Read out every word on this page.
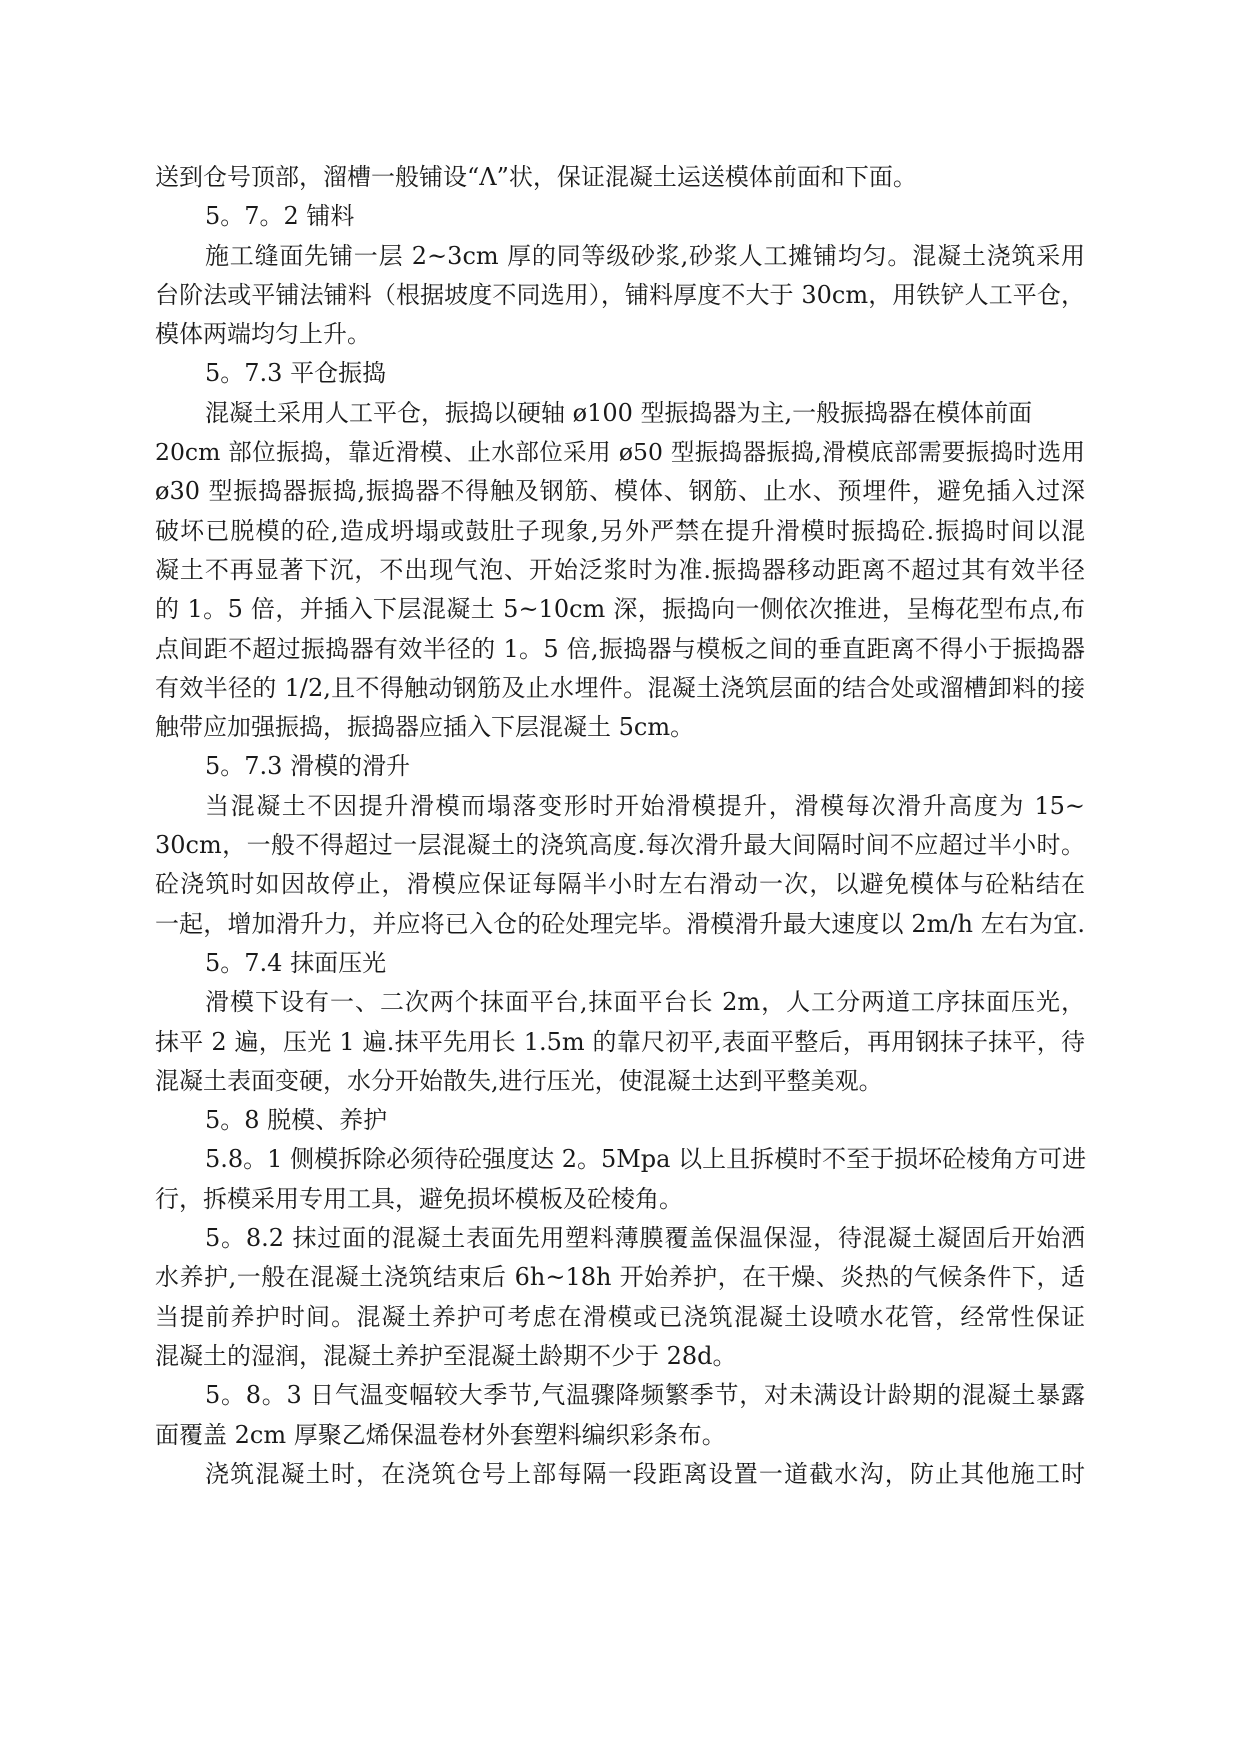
送到仓号顶部，溜槽一般铺设“Λ”状，保证混凝土运送模体前面和下面。
5。7。2 铺料
施工缝面先铺一层 2~3cm 厚的同等级砂浆,砂浆人工摊铺均匀。混凝土浇筑采用
台阶法或平铺法铺料（根据坡度不同选用），铺料厚度不大于 30cm，用铁铲人工平仓，
模体两端均匀上升。
5。7.3 平仓振捣
混凝土采用人工平仓，振捣以硬轴 ø100 型振捣器为主,一般振捣器在模体前面
20cm 部位振捣，靠近滑模、止水部位采用 ø50 型振捣器振捣,滑模底部需要振捣时选用
ø30 型振捣器振捣,振捣器不得触及钢筋、模体、钢筋、止水、预埋件，避免插入过深
破坏已脱模的砼,造成坍塌或鼓肚子现象,另外严禁在提升滑模时振捣砼.振捣时间以混
凝土不再显著下沉，不出现气泡、开始泛浆时为准.振捣器移动距离不超过其有效半径
的 1。5 倍，并插入下层混凝土 5~10cm 深，振捣向一侧依次推进，呈梅花型布点,布
点间距不超过振捣器有效半径的 1。5 倍,振捣器与模板之间的垂直距离不得小于振捣器
有效半径的 1/2,且不得触动钢筋及止水埋件。混凝土浇筑层面的结合处或溜槽卸料的接
触带应加强振捣，振捣器应插入下层混凝土 5cm。
5。7.3 滑模的滑升
当混凝土不因提升滑模而塌落变形时开始滑模提升，滑模每次滑升高度为 15~
30cm，一般不得超过一层混凝土的浇筑高度.每次滑升最大间隔时间不应超过半小时。
砼浇筑时如因故停止，滑模应保证每隔半小时左右滑动一次，以避免模体与砼粘结在
一起，增加滑升力，并应将已入仓的砼处理完毕。滑模滑升最大速度以 2m/h 左右为宜.
5。7.4 抹面压光
滑模下设有一、二次两个抹面平台,抹面平台长 2m，人工分两道工序抹面压光，
抹平 2 遍，压光 1 遍.抹平先用长 1.5m 的靠尺初平,表面平整后，再用钢抹子抹平，待
混凝土表面变硬，水分开始散失,进行压光，使混凝土达到平整美观。
5。8 脱模、养护
5.8。1 侧模拆除必须待砼强度达 2。5Mpa 以上且拆模时不至于损坏砼棱角方可进
行，拆模采用专用工具，避免损坏模板及砼棱角。
5。8.2 抹过面的混凝土表面先用塑料薄膜覆盖保温保湿，待混凝土凝固后开始洒
水养护,一般在混凝土浇筑结束后 6h~18h 开始养护，在干燥、炎热的气候条件下，适
当提前养护时间。混凝土养护可考虑在滑模或已浇筑混凝土设喷水花管，经常性保证
混凝土的湿润，混凝土养护至混凝土龄期不少于 28d。
5。8。3 日气温变幅较大季节,气温骤降频繁季节，对未满设计龄期的混凝土暴露
面覆盖 2cm 厚聚乙烯保温卷材外套塑料编织彩条布。
浇筑混凝土时，在浇筑仓号上部每隔一段距离设置一道截水沟，防止其他施工时
